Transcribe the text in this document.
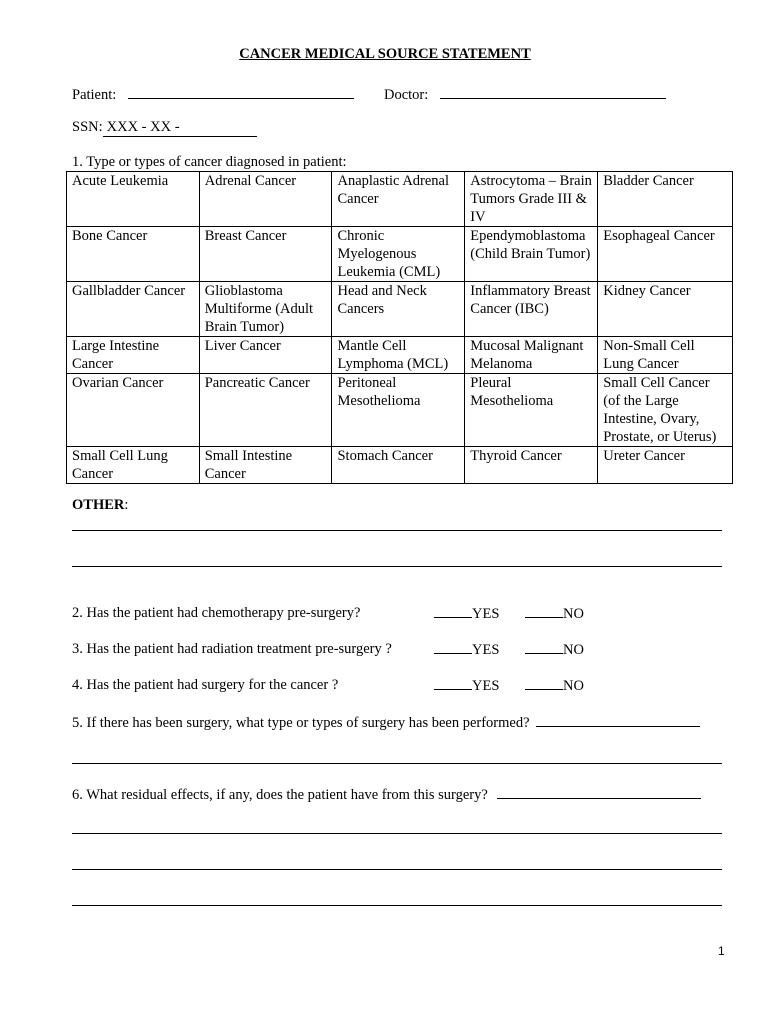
CANCER MEDICAL SOURCE STATEMENT
Patient:	Doctor:
SSN: XXX - XX -
1. Type or types of cancer diagnosed in patient:
Acute Leukemia	Adrenal Cancer	Anaplastic Adrenal Cancer	Astrocytoma – Brain Tumors Grade III & IV	Bladder Cancer
Bone Cancer	Breast Cancer	Chronic Myelogenous Leukemia (CML)	Ependymoblastoma (Child Brain Tumor)	Esophageal Cancer
Gallbladder Cancer	Glioblastoma Multiforme (Adult Brain Tumor)	Head and Neck Cancers	Inflammatory Breast Cancer (IBC)	Kidney Cancer
Large Intestine Cancer	Liver Cancer	Mantle Cell Lymphoma (MCL)	Mucosal Malignant Melanoma	Non-Small Cell Lung Cancer
Ovarian Cancer	Pancreatic Cancer	Peritoneal Mesothelioma	Pleural Mesothelioma	Small Cell Cancer (of the Large Intestine, Ovary, Prostate, or Uterus)
Small Cell Lung Cancer	Small Intestine Cancer	Stomach Cancer	Thyroid Cancer	Ureter Cancer
OTHER:
2. Has the patient had chemotherapy pre-surgery?	YES	NO
3. Has the patient had radiation treatment pre-surgery ?	YES	NO
4. Has the patient had surgery for the cancer ?	YES	NO
5. If there has been surgery, what type or types of surgery has been performed?
6. What residual effects, if any, does the patient have from this surgery?
1
